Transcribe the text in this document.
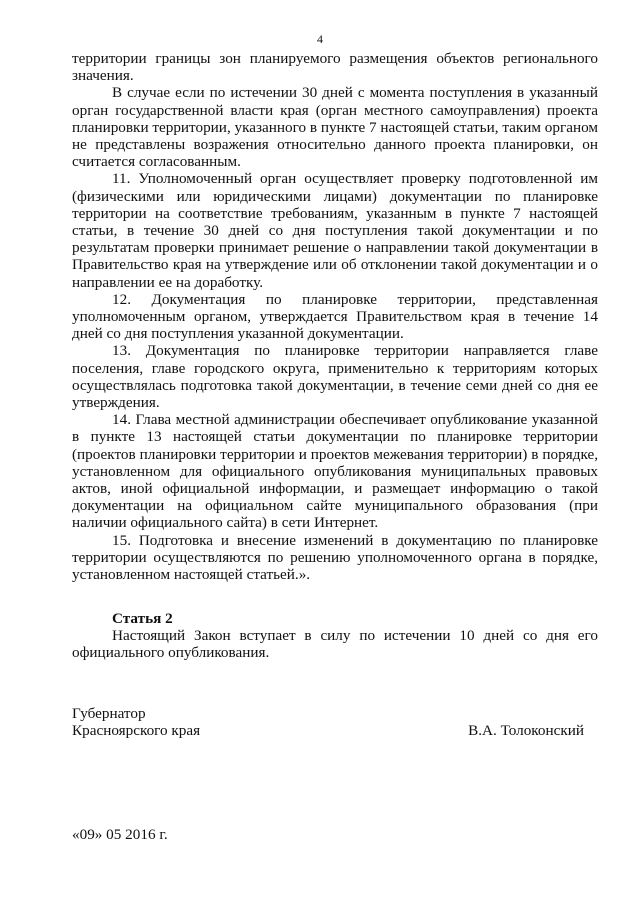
4

территории границы зон планируемого размещения объектов регионального значения.

В случае если по истечении 30 дней с момента поступления в указанный орган государственной власти края (орган местного самоуправления) проекта планировки территории, указанного в пункте 7 настоящей статьи, таким органом не представлены возражения относительно данного проекта планировки, он считается согласованным.

11. Уполномоченный орган осуществляет проверку подготовленной им (физическими или юридическими лицами) документации по планировке территории на соответствие требованиям, указанным в пункте 7 настоящей статьи, в течение 30 дней со дня поступления такой документации и по результатам проверки принимает решение о направлении такой документации в Правительство края на утверждение или об отклонении такой документации и о направлении ее на доработку.

12. Документация по планировке территории, представленная уполномоченным органом, утверждается Правительством края в течение 14 дней со дня поступления указанной документации.

13. Документация по планировке территории направляется главе поселения, главе городского округа, применительно к территориям которых осуществлялась подготовка такой документации, в течение семи дней со дня ее утверждения.

14. Глава местной администрации обеспечивает опубликование указанной в пункте 13 настоящей статьи документации по планировке территории (проектов планировки территории и проектов межевания территории) в порядке, установленном для официального опубликования муниципальных правовых актов, иной официальной информации, и размещает информацию о такой документации на официальном сайте муниципального образования (при наличии официального сайта) в сети Интернет.

15. Подготовка и внесение изменений в документацию по планировке территории осуществляются по решению уполномоченного органа в порядке, установленном настоящей статьей.».

Статья 2

Настоящий Закон вступает в силу по истечении 10 дней со дня его официального опубликования.

Губернатор
Красноярского края	В.А. Толоконский
«09» 05 2016 г.
